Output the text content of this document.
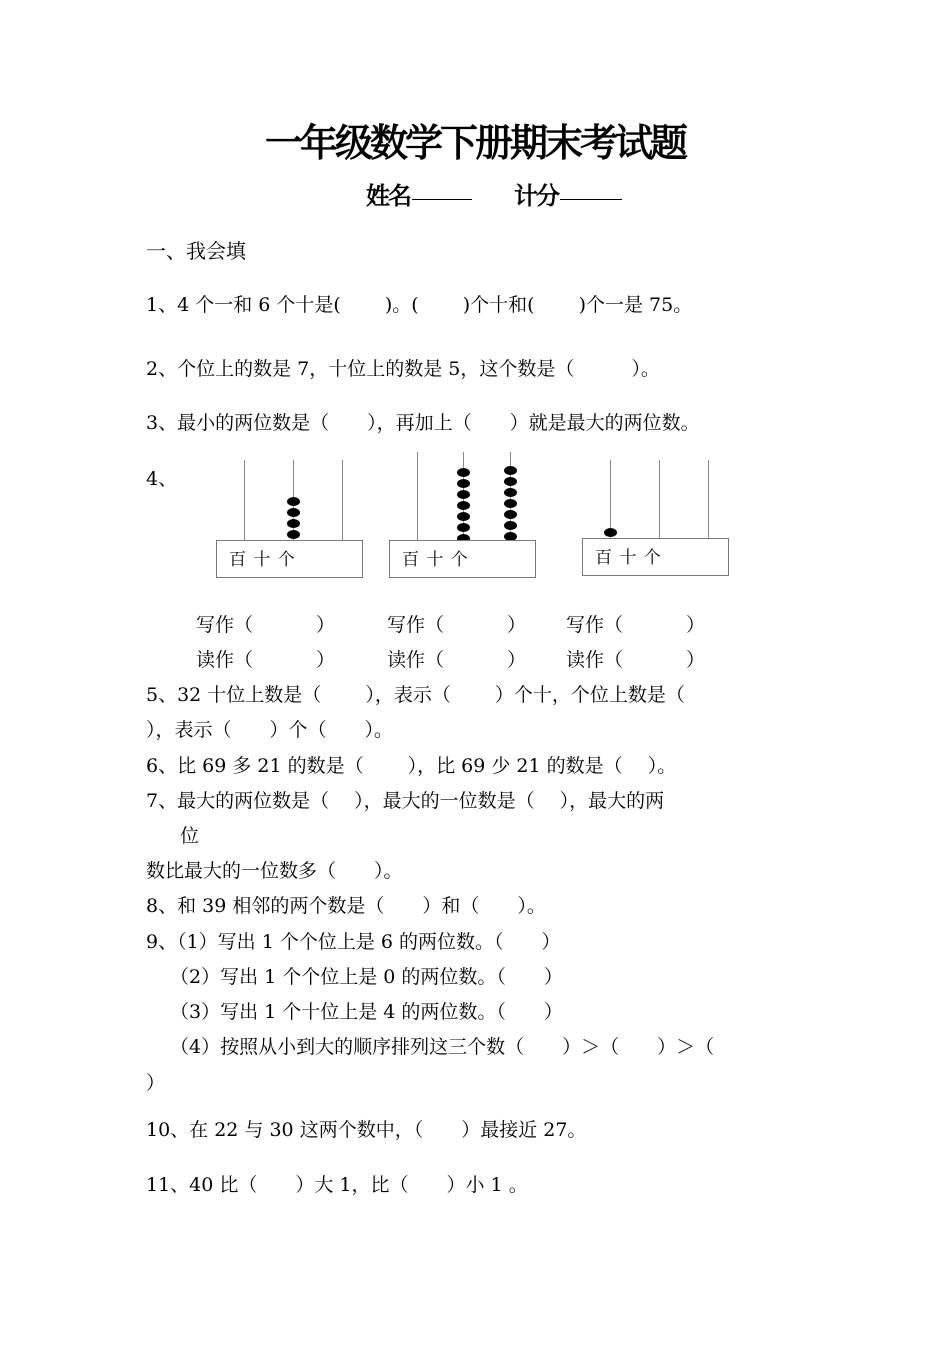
一年级数学下册期末考试题
姓名	计分
一、我会填
1、4 个一和 6 个十是(　　 )。(　　 )个十和(　　 )个一是 75。
2、个位上的数是 7，十位上的数是 5，这个数是（　　　）。
3、最小的两位数是（　　），再加上（　　）就是最大的两位数。
4、
百 十 个	百 十 个	百 十 个
写作（　　　 ）	写作（　　　 ） 写作（　　　 ）
读作（　　　 ）	读作（　　　 ） 读作（　　　 ）
5、32 十位上数是（　　 ），表示（　　 ）个十，个位上数是（
），表示（　　）个（　　）。
6、比 69 多 21 的数是（　　 ），比 69 少 21 的数是（　 ）。
7、最大的两位数是（　 ），最大的一位数是（　 ），最大的两
位
数比最大的一位数多（　　）。
8、和 39 相邻的两个数是（　　）和（　　）。
9、（1）写出 1 个个位上是 6 的两位数。（　　）
（2）写出 1 个个位上是 0 的两位数。（　　）
（3）写出 1 个十位上是 4 的两位数。（　　）
（4）按照从小到大的顺序排列这三个数（　　）＞（　　）＞（
）
10、在 22 与 30 这两个数中，（　　）最接近 27。
11、40 比（　　）大 1，比（　　）小 1 。
